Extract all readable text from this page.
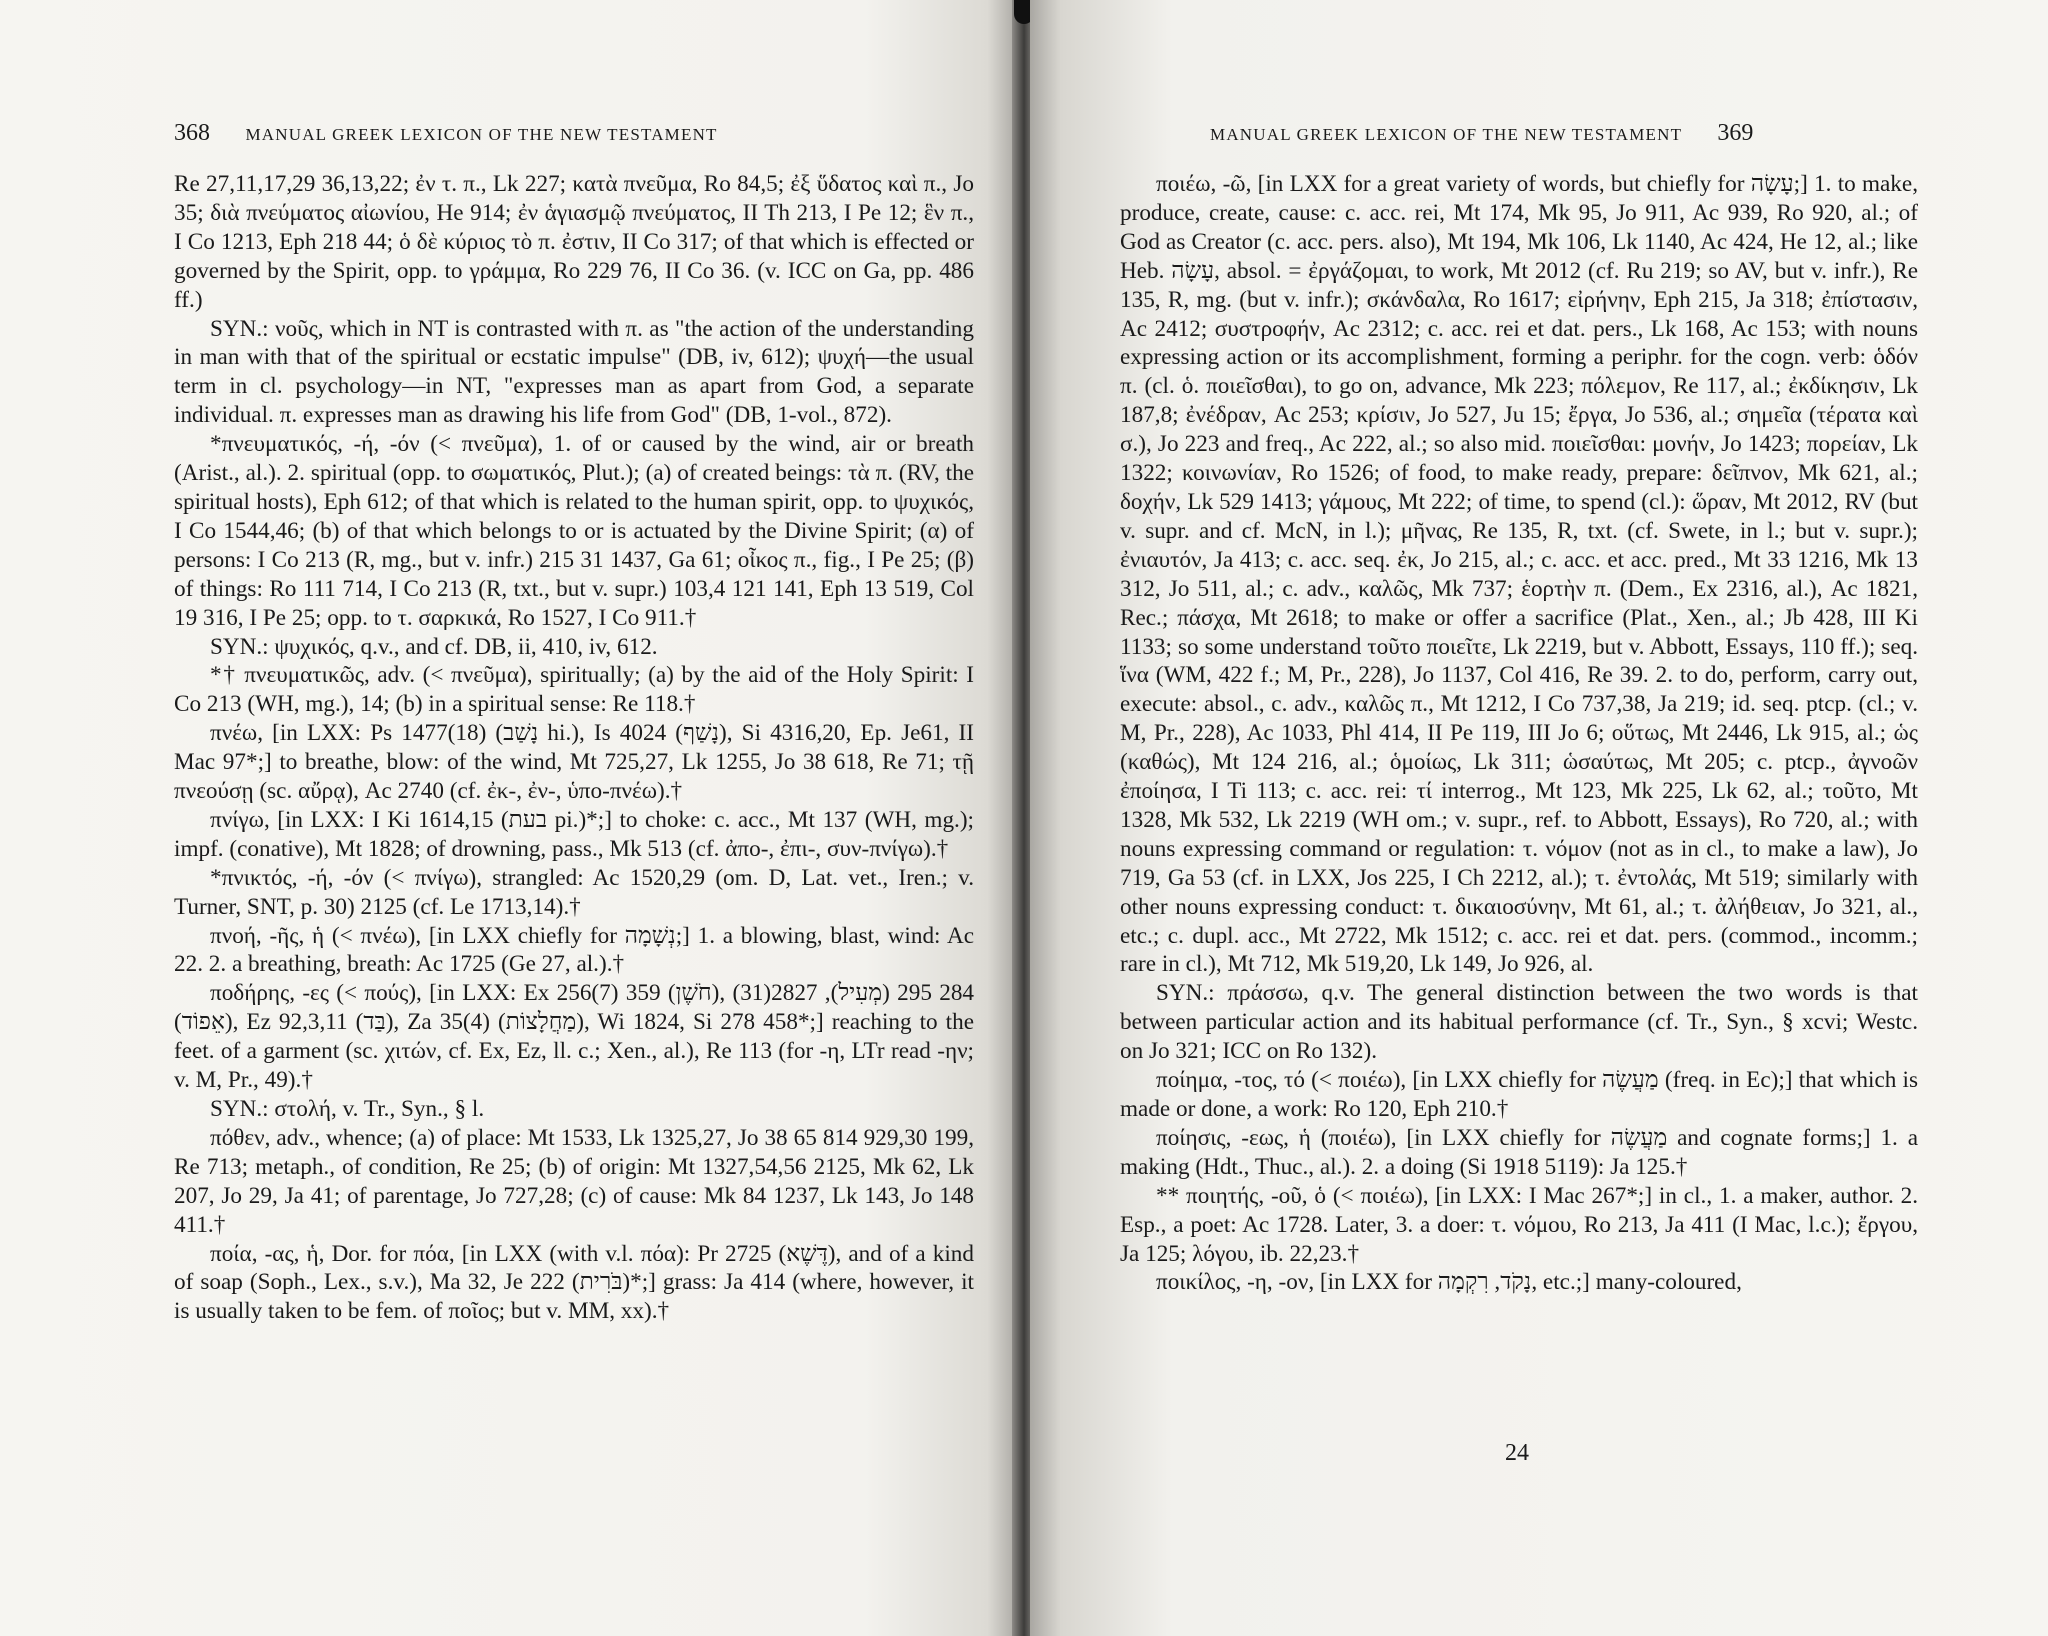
368 MANUAL GREEK LEXICON OF THE NEW TESTAMENT

Re 27,11,17,29 36,13,22; ἐν τ. π., Lk 227; κατὰ πνεῦμα, Ro 84,5; ἐξ ὕδατος καὶ π., Jo 35; διὰ πνεύματος αἰωνίου, He 914; ἐν ἁγιασμῷ πνεύματος, II Th 213, I Pe 12; ἓν π., I Co 1213, Eph 218 44; ὁ δὲ κύριος τὸ π. ἐστιν, II Co 317; of that which is effected or governed by the Spirit, opp. to γράμμα, Ro 229 76, II Co 36. (v. ICC on Ga, pp. 486 ff.)

SYN.: νοῦς, which in NT is contrasted with π. as "the action of the understanding in man with that of the spiritual or ecstatic impulse" (DB, iv, 612); ψυχή—the usual term in cl. psychology—in NT, "expresses man as apart from God, a separate individual. π. expresses man as drawing his life from God" (DB, 1-vol., 872).

*πνευματικός, -ή, -όν (< πνεῦμα), 1. of or caused by the wind, air or breath (Arist., al.). 2. spiritual (opp. to σωματικός, Plut.); (a) of created beings: τὰ π. (RV, the spiritual hosts), Eph 612; of that which is related to the human spirit, opp. to ψυχικός, I Co 1544,46; (b) of that which belongs to or is actuated by the Divine Spirit; (α) of persons: I Co 213 (R, mg., but v. infr.) 215 31 1437, Ga 61; οἶκος π., fig., I Pe 25; (β) of things: Ro 111 714, I Co 213 (R, txt., but v. supr.) 103,4 121 141, Eph 13 519, Col 19 316, I Pe 25; opp. to τ. σαρκικά, Ro 1527, I Co 911.†

SYN.: ψυχικός, q.v., and cf. DB, ii, 410, iv, 612.

*† πνευματικῶς, adv. (< πνεῦμα), spiritually; (a) by the aid of the Holy Spirit: I Co 213 (WH, mg.), 14; (b) in a spiritual sense: Re 118.†

πνέω, [in LXX: Ps 1477(18) (נָשַׁב hi.), Is 4024 (נָשַׁף), Si 4316,20, Ep. Je61, II Mac 97*;] to breathe, blow: of the wind, Mt 725,27, Lk 1255, Jo 38 618, Re 71; τῇ πνεούσῃ (sc. αὔρᾳ), Ac 2740 (cf. ἐκ-, ἐν-, ὑπο-πνέω).†

πνίγω, [in LXX: I Ki 1614,15 (בעת pi.)*;] to choke: c. acc., Mt 137 (WH, mg.); impf. (conative), Mt 1828; of drowning, pass., Mk 513 (cf. ἀπο-, ἐπι-, συν-πνίγω).†

*πνικτός, -ή, -όν (< πνίγω), strangled: Ac 1520,29 (om. D, Lat. vet., Iren.; v. Turner, SNT, p. 30) 2125 (cf. Le 1713,14).†

πνοή, -ῆς, ἡ (< πνέω), [in LXX chiefly for נְשָׁמָה;] 1. a blowing, blast, wind: Ac 22. 2. a breathing, breath: Ac 1725 (Ge 27, al.).†

ποδήρης, -ες (< πούς), [in LXX: Ex 256(7) 359 (חֹשֶׁן), 284 295 (מְעִיל), 2827(31) (אֵפוֹד), Ez 92,3,11 (בַּד), Za 35(4) (מַחֲלָצוֹת), Wi 1824, Si 278 458*;] reaching to the feet. of a garment (sc. χιτών, cf. Ex, Ez, ll. c.; Xen., al.), Re 113 (for -η, LTr read -ην; v. M, Pr., 49).†

SYN.: στολή, v. Tr., Syn., § l.

πόθεν, adv., whence; (a) of place: Mt 1533, Lk 1325,27, Jo 38 65 814 929,30 199, Re 713; metaph., of condition, Re 25; (b) of origin: Mt 1327,54,56 2125, Mk 62, Lk 207, Jo 29, Ja 41; of parentage, Jo 727,28; (c) of cause: Mk 84 1237, Lk 143, Jo 148 411.†

ποία, -ας, ἡ, Dor. for πόα, [in LXX (with v.l. πόα): Pr 2725 (דֶּשֶׁא), and of a kind of soap (Soph., Lex., s.v.), Ma 32, Je 222 (בֹּרִית)*;] grass: Ja 414 (where, however, it is usually taken to be fem. of ποῖος; but v. MM, xx).†

MANUAL GREEK LEXICON OF THE NEW TESTAMENT 369

ποιέω, -ῶ, [in LXX for a great variety of words, but chiefly for עָשָׂה;] 1. to make, produce, create, cause: c. acc. rei, Mt 174, Mk 95, Jo 911, Ac 939, Ro 920, al.; of God as Creator (c. acc. pers. also), Mt 194, Mk 106, Lk 1140, Ac 424, He 12, al.; like Heb. עָשָׂה, absol. = ἐργάζομαι, to work, Mt 2012 (cf. Ru 219; so AV, but v. infr.), Re 135, R, mg. (but v. infr.); σκάνδαλα, Ro 1617; εἰρήνην, Eph 215, Ja 318; ἐπίστασιν, Ac 2412; συστροφήν, Ac 2312; c. acc. rei et dat. pers., Lk 168, Ac 153; with nouns expressing action or its accomplishment, forming a periphr. for the cogn. verb: ὁδόν π. (cl. ὁ. ποιεῖσθαι), to go on, advance, Mk 223; πόλεμον, Re 117, al.; ἐκδίκησιν, Lk 187,8; ἐνέδραν, Ac 253; κρίσιν, Jo 527, Ju 15; ἔργα, Jo 536, al.; σημεῖα (τέρατα καὶ σ.), Jo 223 and freq., Ac 222, al.; so also mid. ποιεῖσθαι: μονήν, Jo 1423; πορείαν, Lk 1322; κοινωνίαν, Ro 1526; of food, to make ready, prepare: δεῖπνον, Mk 621, al.; δοχήν, Lk 529 1413; γάμους, Mt 222; of time, to spend (cl.): ὥραν, Mt 2012, RV (but v. supr. and cf. McN, in l.); μῆνας, Re 135, R, txt. (cf. Swete, in l.; but v. supr.); ἐνιαυτόν, Ja 413; c. acc. seq. ἐκ, Jo 215, al.; c. acc. et acc. pred., Mt 33 1216, Mk 13 312, Jo 511, al.; c. adv., καλῶς, Mk 737; ἑορτὴν π. (Dem., Ex 2316, al.), Ac 1821, Rec.; πάσχα, Mt 2618; to make or offer a sacrifice (Plat., Xen., al.; Jb 428, III Ki 1133; so some understand τοῦτο ποιεῖτε, Lk 2219, but v. Abbott, Essays, 110 ff.); seq. ἵνα (WM, 422 f.; M, Pr., 228), Jo 1137, Col 416, Re 39. 2. to do, perform, carry out, execute: absol., c. adv., καλῶς π., Mt 1212, I Co 737,38, Ja 219; id. seq. ptcp. (cl.; v. M, Pr., 228), Ac 1033, Phl 414, II Pe 119, III Jo 6; οὕτως, Mt 2446, Lk 915, al.; ὡς (καθώς), Mt 124 216, al.; ὁμοίως, Lk 311; ὡσαύτως, Mt 205; c. ptcp., ἀγνοῶν ἐποίησα, I Ti 113; c. acc. rei: τί interrog., Mt 123, Mk 225, Lk 62, al.; τοῦτο, Mt 1328, Mk 532, Lk 2219 (WH om.; v. supr., ref. to Abbott, Essays), Ro 720, al.; with nouns expressing command or regulation: τ. νόμον (not as in cl., to make a law), Jo 719, Ga 53 (cf. in LXX, Jos 225, I Ch 2212, al.); τ. ἐντολάς, Mt 519; similarly with other nouns expressing conduct: τ. δικαιοσύνην, Mt 61, al.; τ. ἀλήθειαν, Jo 321, al., etc.; c. dupl. acc., Mt 2722, Mk 1512; c. acc. rei et dat. pers. (commod., incomm.; rare in cl.), Mt 712, Mk 519,20, Lk 149, Jo 926, al.

SYN.: πράσσω, q.v. The general distinction between the two words is that between particular action and its habitual performance (cf. Tr., Syn., § xcvi; Westc. on Jo 321; ICC on Ro 132).

ποίημα, -τος, τό (< ποιέω), [in LXX chiefly for מַעֲשֶׂה (freq. in Ec);] that which is made or done, a work: Ro 120, Eph 210.†

ποίησις, -εως, ἡ (ποιέω), [in LXX chiefly for מַעֲשֶׂה and cognate forms;] 1. a making (Hdt., Thuc., al.). 2. a doing (Si 1918 5119): Ja 125.†

** ποιητής, -οῦ, ὁ (< ποιέω), [in LXX: I Mac 267*;] in cl., 1. a maker, author. 2. Esp., a poet: Ac 1728. Later, 3. a doer: τ. νόμου, Ro 213, Ja 411 (I Mac, l.c.); ἔργου, Ja 125; λόγου, ib. 22,23.†

ποικίλος, -η, -ον, [in LXX for נָקֹד, רִקְמָה, etc.;] many-coloured,

24
